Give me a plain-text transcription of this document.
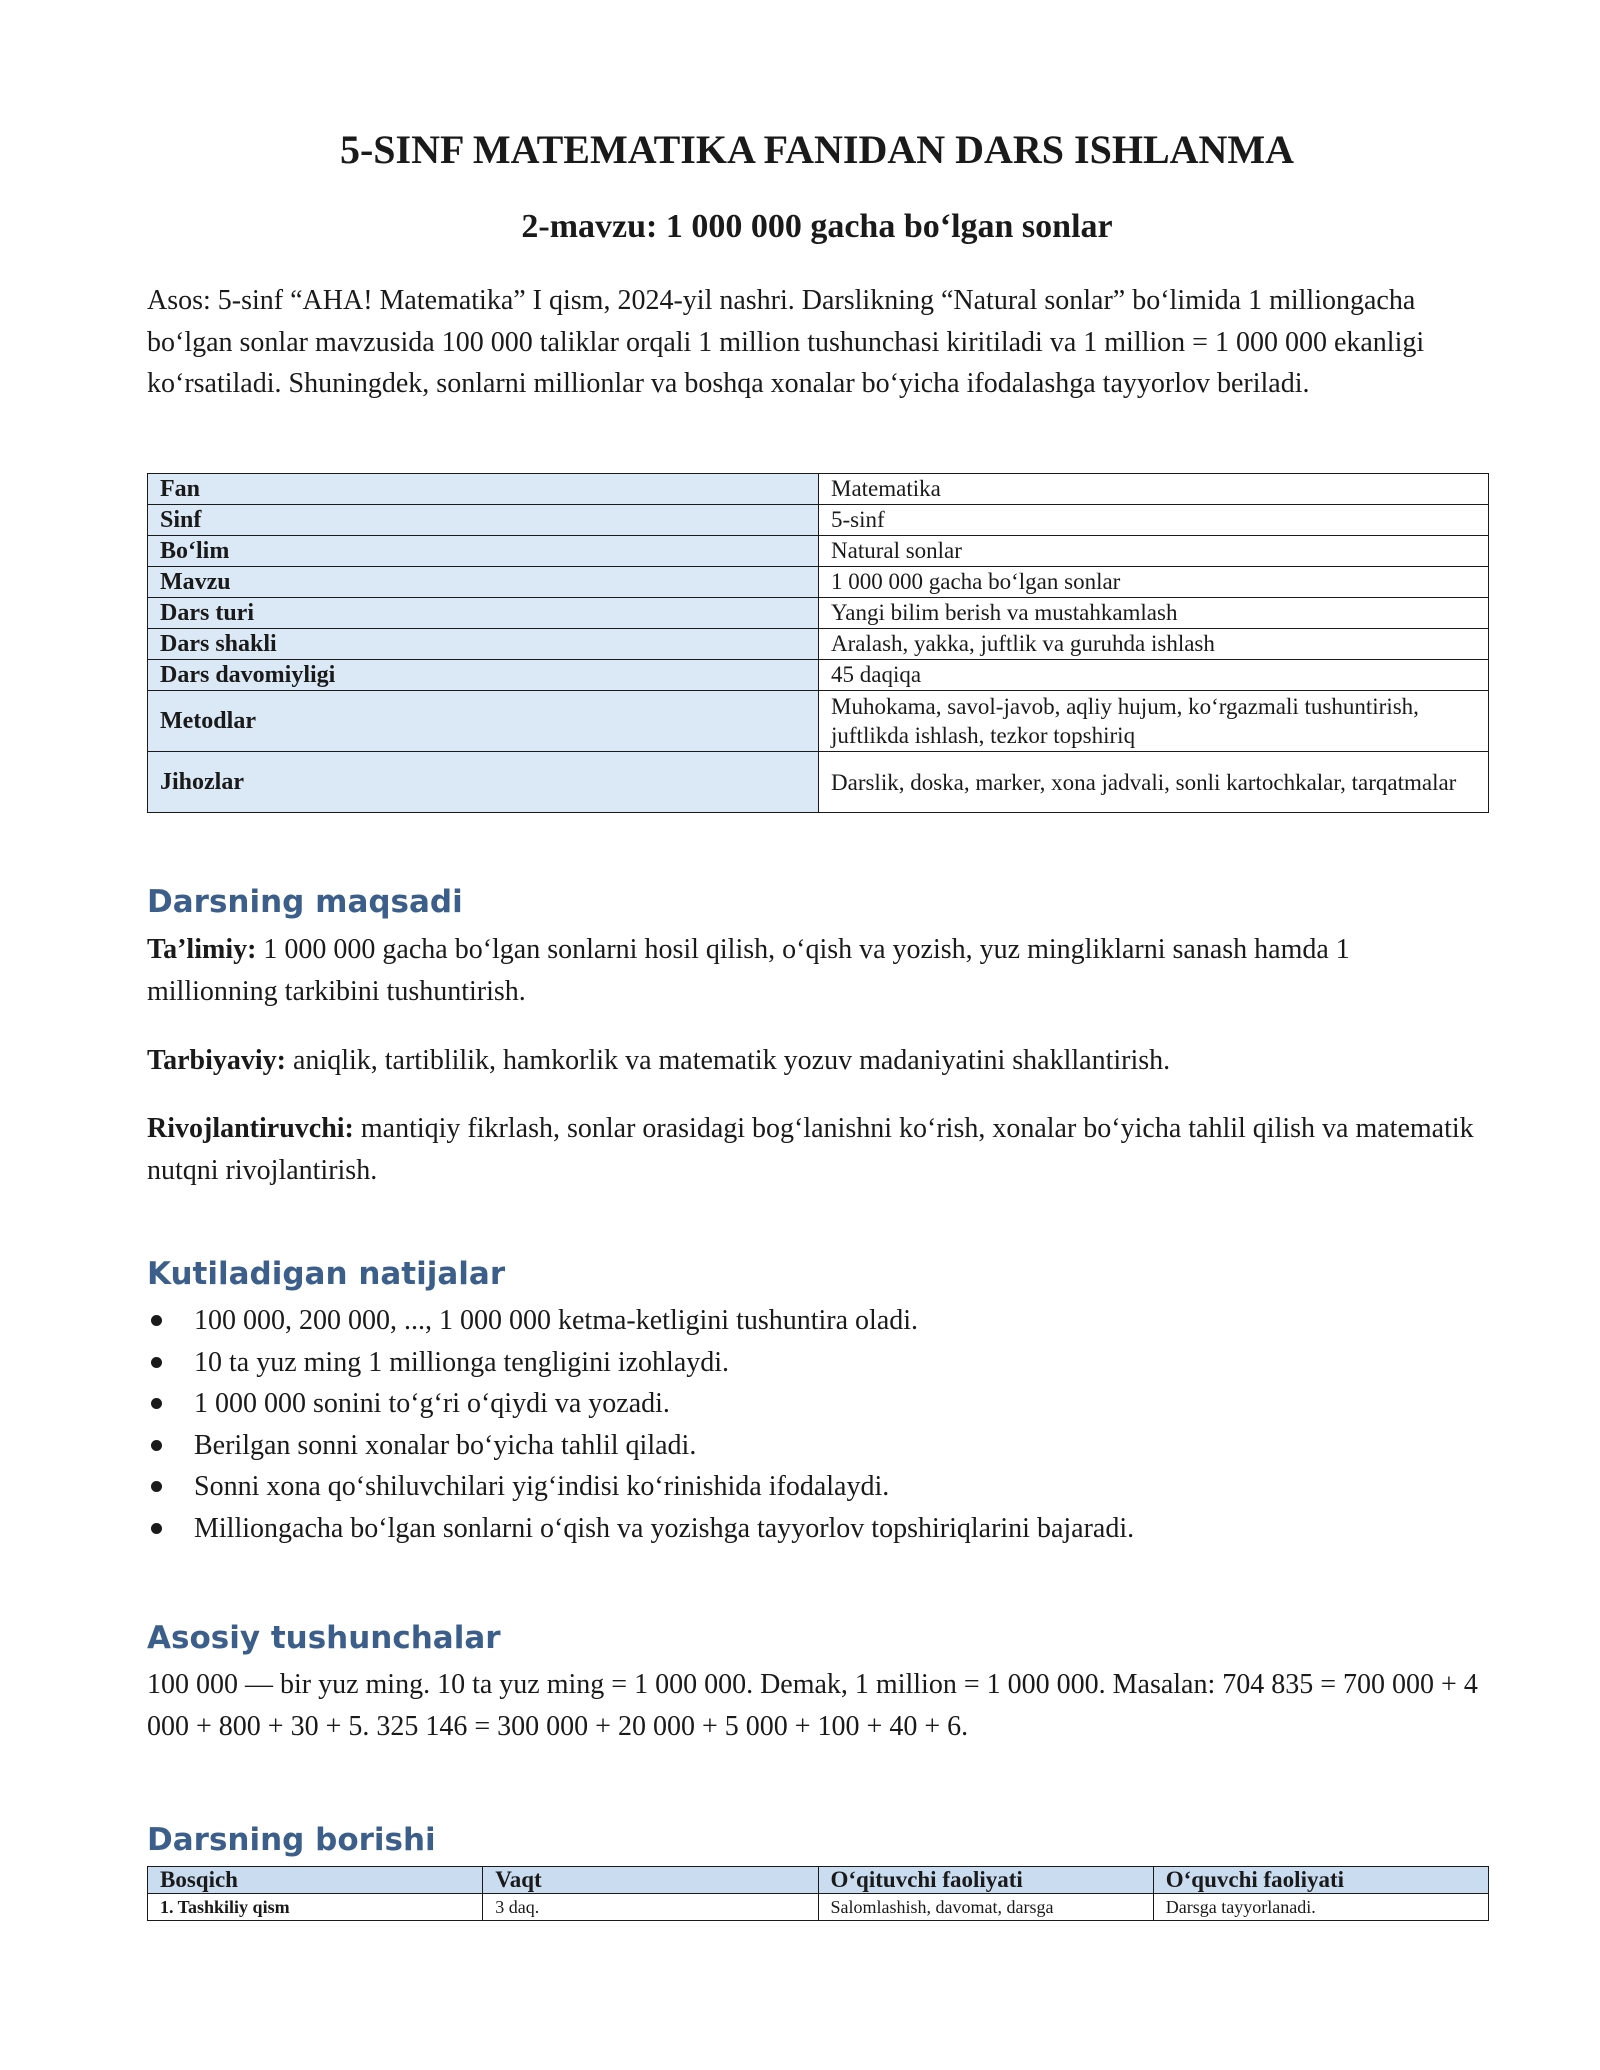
5-SINF MATEMATIKA FANIDAN DARS ISHLANMA
2-mavzu: 1 000 000 gacha bo‘lgan sonlar

Asos: 5-sinf “AHA! Matematika” I qism, 2024-yil nashri. Darslikning “Natural sonlar” bo‘limida 1 milliongacha bo‘lgan sonlar mavzusida 100 000 taliklar orqali 1 million tushunchasi kiritiladi va 1 million = 1 000 000 ekanligi ko‘rsatiladi. Shuningdek, sonlarni millionlar va boshqa xonalar bo‘yicha ifodalashga tayyorlov beriladi.

Fan	Matematika
Sinf	5-sinf
Bo‘lim	Natural sonlar
Mavzu	1 000 000 gacha bo‘lgan sonlar
Dars turi	Yangi bilim berish va mustahkamlash
Dars shakli	Aralash, yakka, juftlik va guruhda ishlash
Dars davomiyligi	45 daqiqa
Metodlar	Muhokama, savol-javob, aqliy hujum, ko‘rgazmali tushuntirish, juftlikda ishlash, tezkor topshiriq
Jihozlar	Darslik, doska, marker, xona jadvali, sonli kartochkalar, tarqatmalar
Darsning maqsadi

Ta’limiy: 1 000 000 gacha bo‘lgan sonlarni hosil qilish, o‘qish va yozish, yuz mingliklarni sanash hamda 1 millionning tarkibini tushuntirish.

Tarbiyaviy: aniqlik, tartiblilik, hamkorlik va matematik yozuv madaniyatini shakllantirish.

Rivojlantiruvchi: mantiqiy fikrlash, sonlar orasidagi bog‘lanishni ko‘rish, xonalar bo‘yicha tahlil qilish va matematik nutqni rivojlantirish.

Kutiladigan natijalar
100 000, 200 000, ..., 1 000 000 ketma-ketligini tushuntira oladi.
10 ta yuz ming 1 millionga tengligini izohlaydi.
1 000 000 sonini to‘g‘ri o‘qiydi va yozadi.
Berilgan sonni xonalar bo‘yicha tahlil qiladi.
Sonni xona qo‘shiluvchilari yig‘indisi ko‘rinishida ifodalaydi.
Milliongacha bo‘lgan sonlarni o‘qish va yozishga tayyorlov topshiriqlarini bajaradi.
Asosiy tushunchalar

100 000 — bir yuz ming. 10 ta yuz ming = 1 000 000. Demak, 1 million = 1 000 000. Masalan: 704 835 = 700 000 + 4 000 + 800 + 30 + 5. 325 146 = 300 000 + 20 000 + 5 000 + 100 + 40 + 6.

Darsning borishi
Bosqich	Vaqt	O‘qituvchi faoliyati	O‘quvchi faoliyati
1. Tashkiliy qism	3 daq.	Salomlashish, davomat, darsga	Darsga tayyorlanadi.
